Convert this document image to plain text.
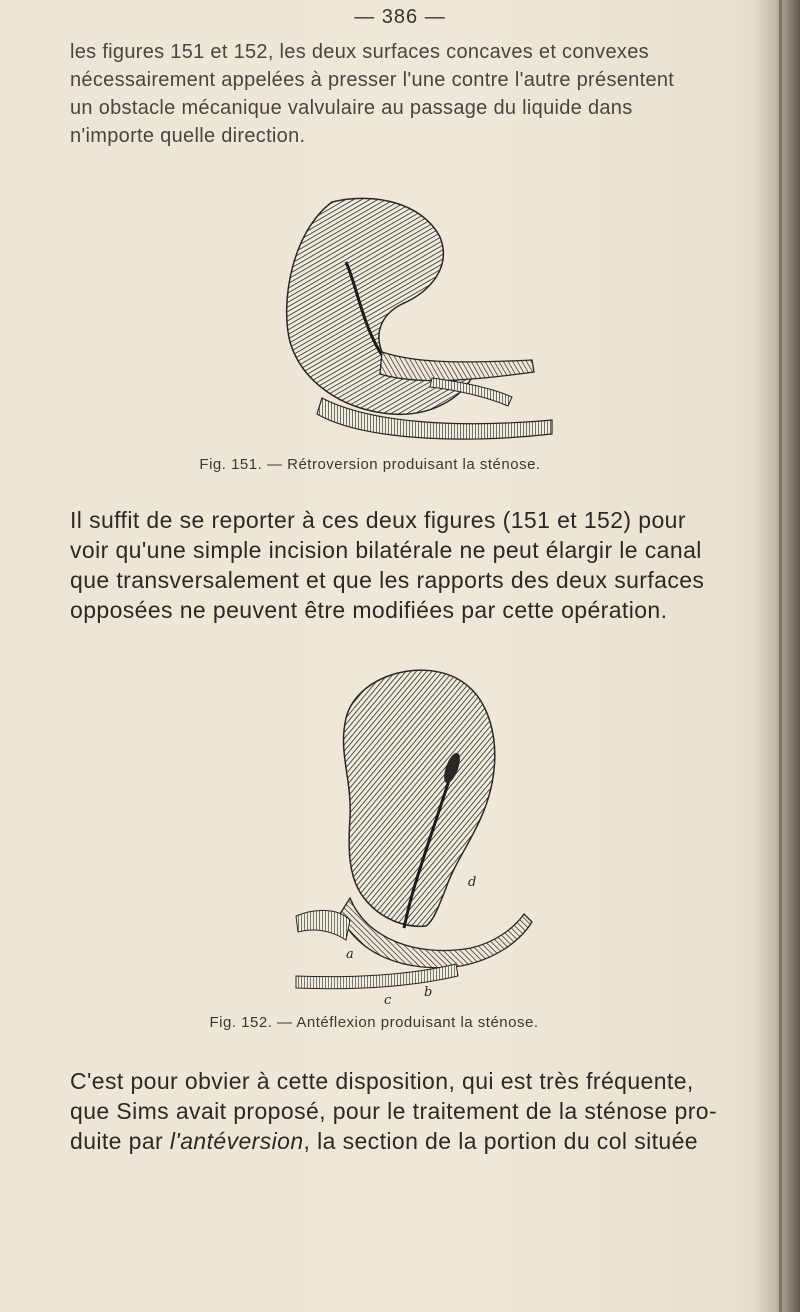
— 386 —

les figures 151 et 152, les deux surfaces concaves et convexes
nécessairement appelées à presser l'une contre l'autre présentent
un obstacle mécanique valvulaire au passage du liquide dans
n'importe quelle direction.

Fig. 151. — Rétroversion produisant la sténose.

Il suffit de se reporter à ces deux figures (151 et 152) pour
voir qu'une simple incision bilatérale ne peut élargir le canal
que transversalement et que les rapports des deux surfaces
opposées ne peuvent être modifiées par cette opération.

d
a
b
c
Fig. 152. — Antéflexion produisant la sténose.

C'est pour obvier à cette disposition, qui est très fréquente,
que Sims avait proposé, pour le traitement de la sténose pro-
duite par l'antéversion, la section de la portion du col située
